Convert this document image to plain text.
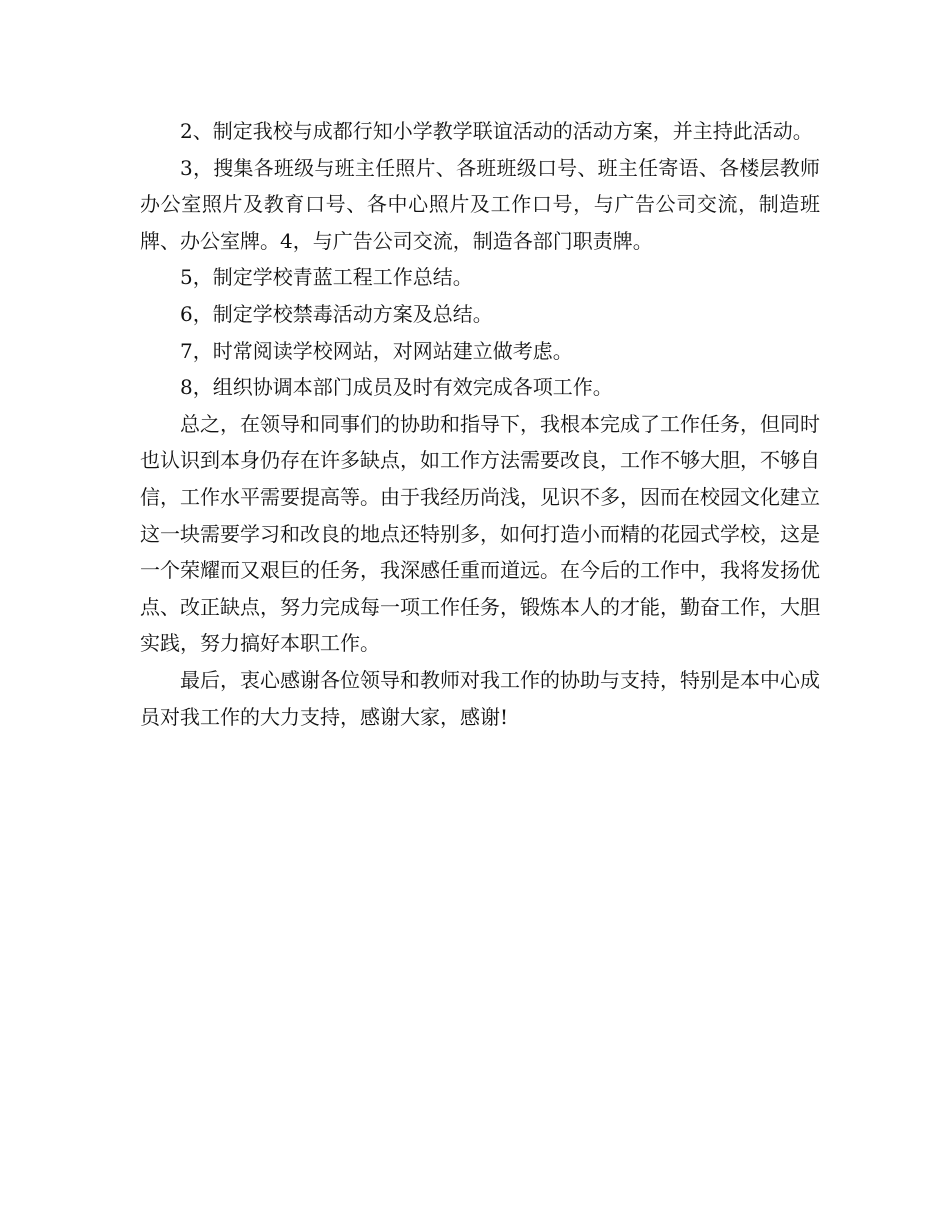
2、制定我校与成都行知小学教学联谊活动的活动方案，并主持此活动。

3，搜集各班级与班主任照片、各班班级口号、班主任寄语、各楼层教师办公室照片及教育口号、各中心照片及工作口号，与广告公司交流，制造班牌、办公室牌。4，与广告公司交流，制造各部门职责牌。

5，制定学校青蓝工程工作总结。

6，制定学校禁毒活动方案及总结。

7，时常阅读学校网站，对网站建立做考虑。

8，组织协调本部门成员及时有效完成各项工作。

总之，在领导和同事们的协助和指导下，我根本完成了工作任务，但同时也认识到本身仍存在许多缺点，如工作方法需要改良，工作不够大胆，不够自信，工作水平需要提高等。由于我经历尚浅，见识不多，因而在校园文化建立这一块需要学习和改良的地点还特别多，如何打造小而精的花园式学校，这是一个荣耀而又艰巨的任务，我深感任重而道远。在今后的工作中，我将发扬优点、改正缺点，努力完成每一项工作任务，锻炼本人的才能，勤奋工作，大胆实践，努力搞好本职工作。

最后，衷心感谢各位领导和教师对我工作的协助与支持，特别是本中心成员对我工作的大力支持，感谢大家，感谢!
